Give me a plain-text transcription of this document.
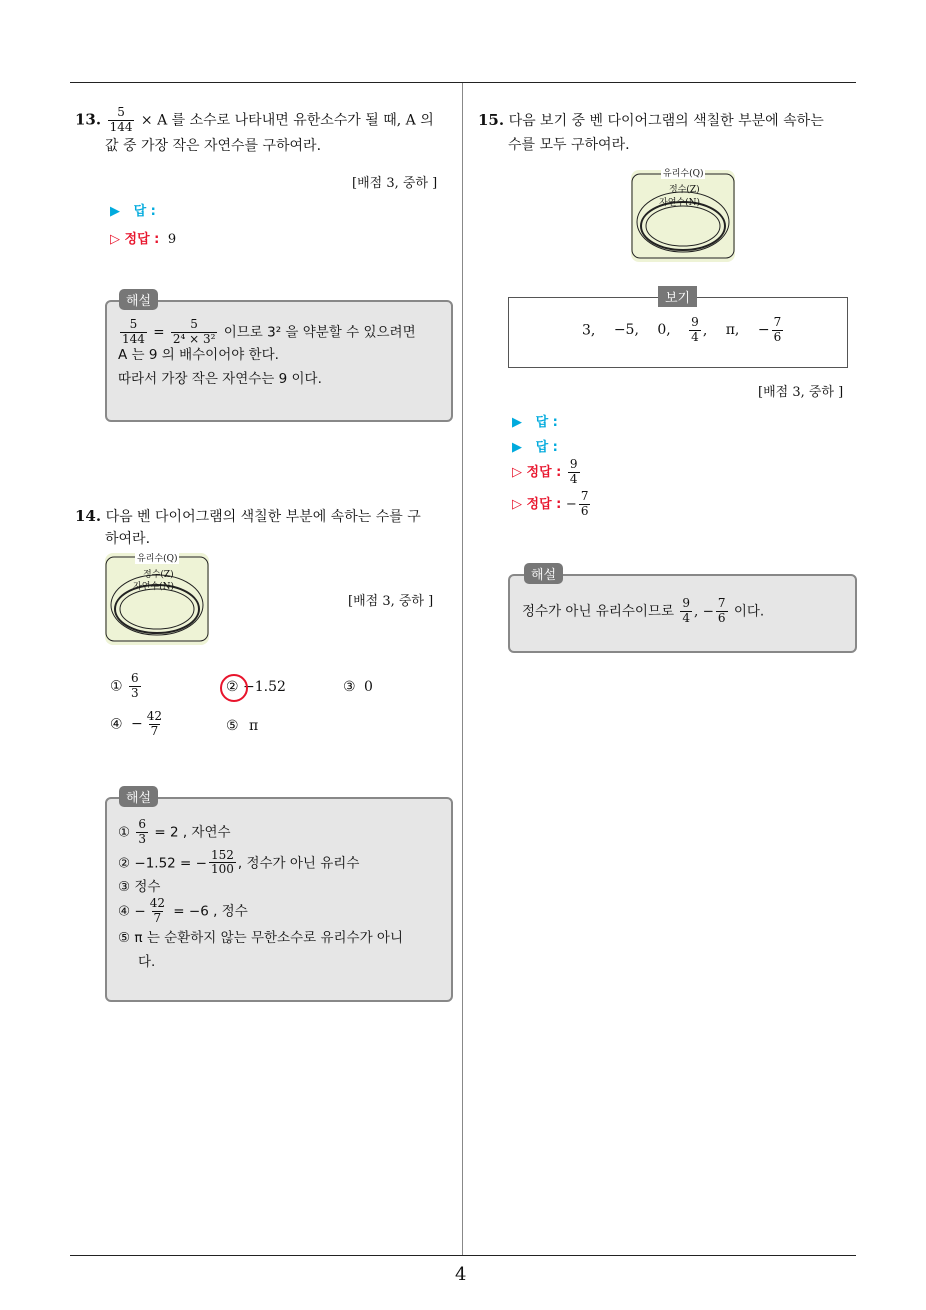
4
13. $\frac{5}{144} \times A$ 를 소수로 나타내면 유한소수가 될 때, A 의
값 중 가장 작은 자연수를 구하여라.
[배점 3, 중하 ]
▶ 답 :
▷ 정답 : 9
해설
$\frac{5}{144} = \frac{5}{\text{2⁴ × 3²}}$ 이므로 3² 을 약분할 수 있으려면
A 는 9 의 배수이어야 한다.
따라서 가장 작은 자연수는 9 이다.
14. 다음 벤 다이어그램의 색칠한 부분에 속하는 수를 구
하여라.
유리수(Q)
정수(Z)
자연수(N)
[배점 3, 중하 ]
① $\frac{6}{3}$	② −1.52	③ 0
④ − $\frac{42}{7}$	⑤ π
해설
① $\frac{6}{3} = 2$ , 자연수
② −1.52 = − $\frac{152}{100}$ , 정수가 아닌 유리수
③ 정수
④ − $\frac{42}{7} = -6$ , 정수
⑤ π 는 순환하지 않는 무한소수로 유리수가 아니
다.
15. 다음 보기 중 벤 다이어그램의 색칠한 부분에 속하는
수를 모두 구하여라.
유리수(Q)
정수(Z)
자연수(N)
보기
3, −5, 0, $\frac{9}{4}$ , π, − $\frac{7}{6}$
[배점 3, 중하 ]
▶ 답 :
▶ 답 :
▷ 정답 : $\frac{9}{4}$
▷ 정답 : − $\frac{7}{6}$
해설
정수가 아닌 유리수이므로 $\frac{9}{4}$ , − $\frac{7}{6}$ 이다.
